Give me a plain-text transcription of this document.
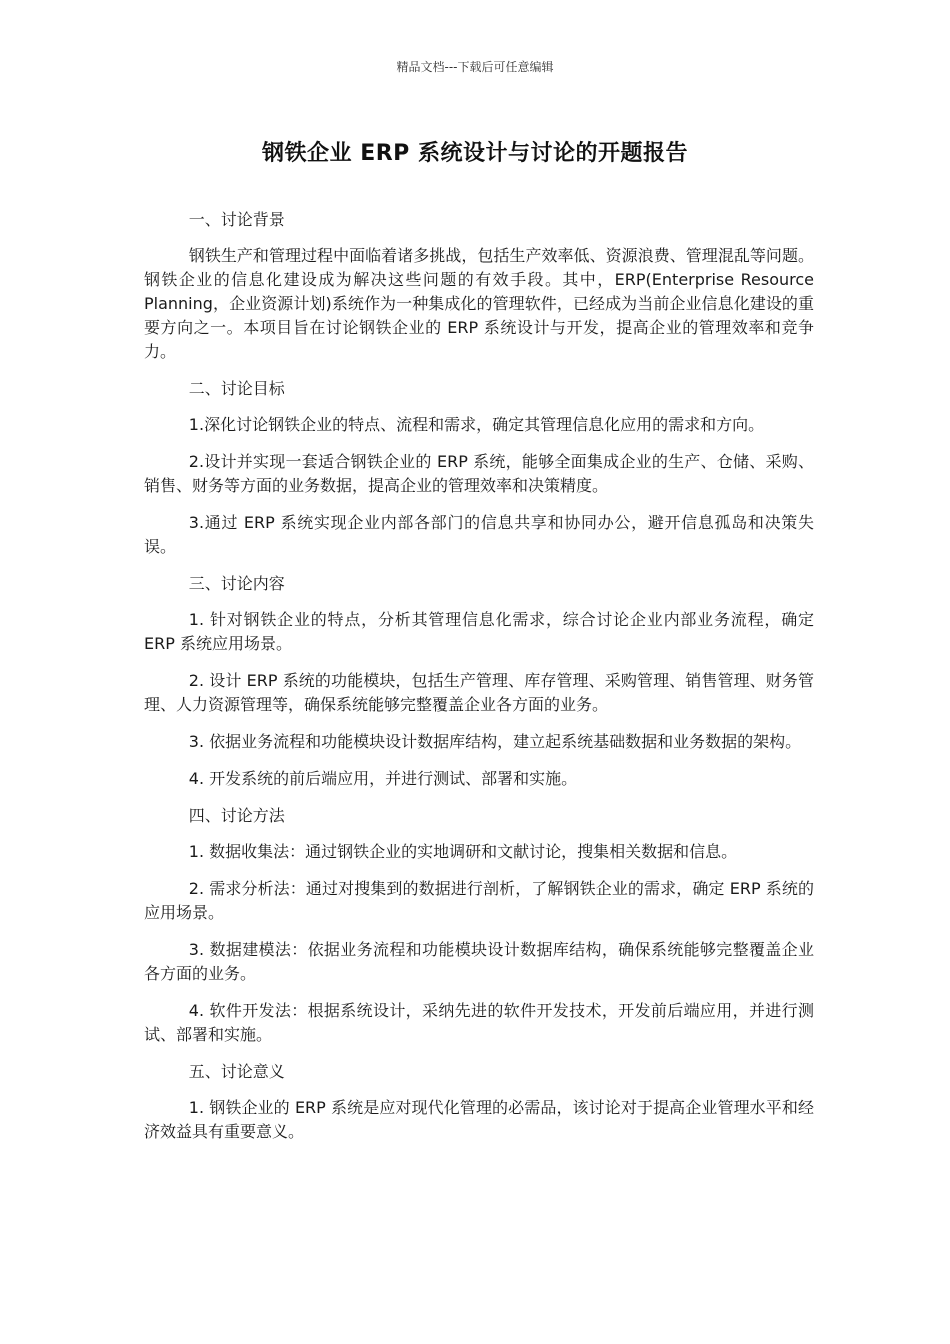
精品文档---下载后可任意编辑
钢铁企业 ERP 系统设计与讨论的开题报告

一、讨论背景

钢铁生产和管理过程中面临着诸多挑战，包括生产效率低、资源浪费、管理混乱等问题。钢铁企业的信息化建设成为解决这些问题的有效手段。其中，ERP(Enterprise Resource Planning，企业资源计划)系统作为一种集成化的管理软件，已经成为当前企业信息化建设的重要方向之一。本项目旨在讨论钢铁企业的 ERP 系统设计与开发，提高企业的管理效率和竞争力。

二、讨论目标

1.深化讨论钢铁企业的特点、流程和需求，确定其管理信息化应用的需求和方向。

2.设计并实现一套适合钢铁企业的 ERP 系统，能够全面集成企业的生产、仓储、采购、销售、财务等方面的业务数据，提高企业的管理效率和决策精度。

3.通过 ERP 系统实现企业内部各部门的信息共享和协同办公，避开信息孤岛和决策失误。

三、讨论内容

1. 针对钢铁企业的特点，分析其管理信息化需求，综合讨论企业内部业务流程，确定 ERP 系统应用场景。

2. 设计 ERP 系统的功能模块，包括生产管理、库存管理、采购管理、销售管理、财务管理、人力资源管理等，确保系统能够完整覆盖企业各方面的业务。

3. 依据业务流程和功能模块设计数据库结构，建立起系统基础数据和业务数据的架构。

4. 开发系统的前后端应用，并进行测试、部署和实施。

四、讨论方法

1. 数据收集法：通过钢铁企业的实地调研和文献讨论，搜集相关数据和信息。

2. 需求分析法：通过对搜集到的数据进行剖析，了解钢铁企业的需求，确定 ERP 系统的应用场景。

3. 数据建模法：依据业务流程和功能模块设计数据库结构，确保系统能够完整覆盖企业各方面的业务。

4. 软件开发法：根据系统设计，采纳先进的软件开发技术，开发前后端应用，并进行测试、部署和实施。

五、讨论意义

1. 钢铁企业的 ERP 系统是应对现代化管理的必需品，该讨论对于提高企业管理水平和经济效益具有重要意义。
